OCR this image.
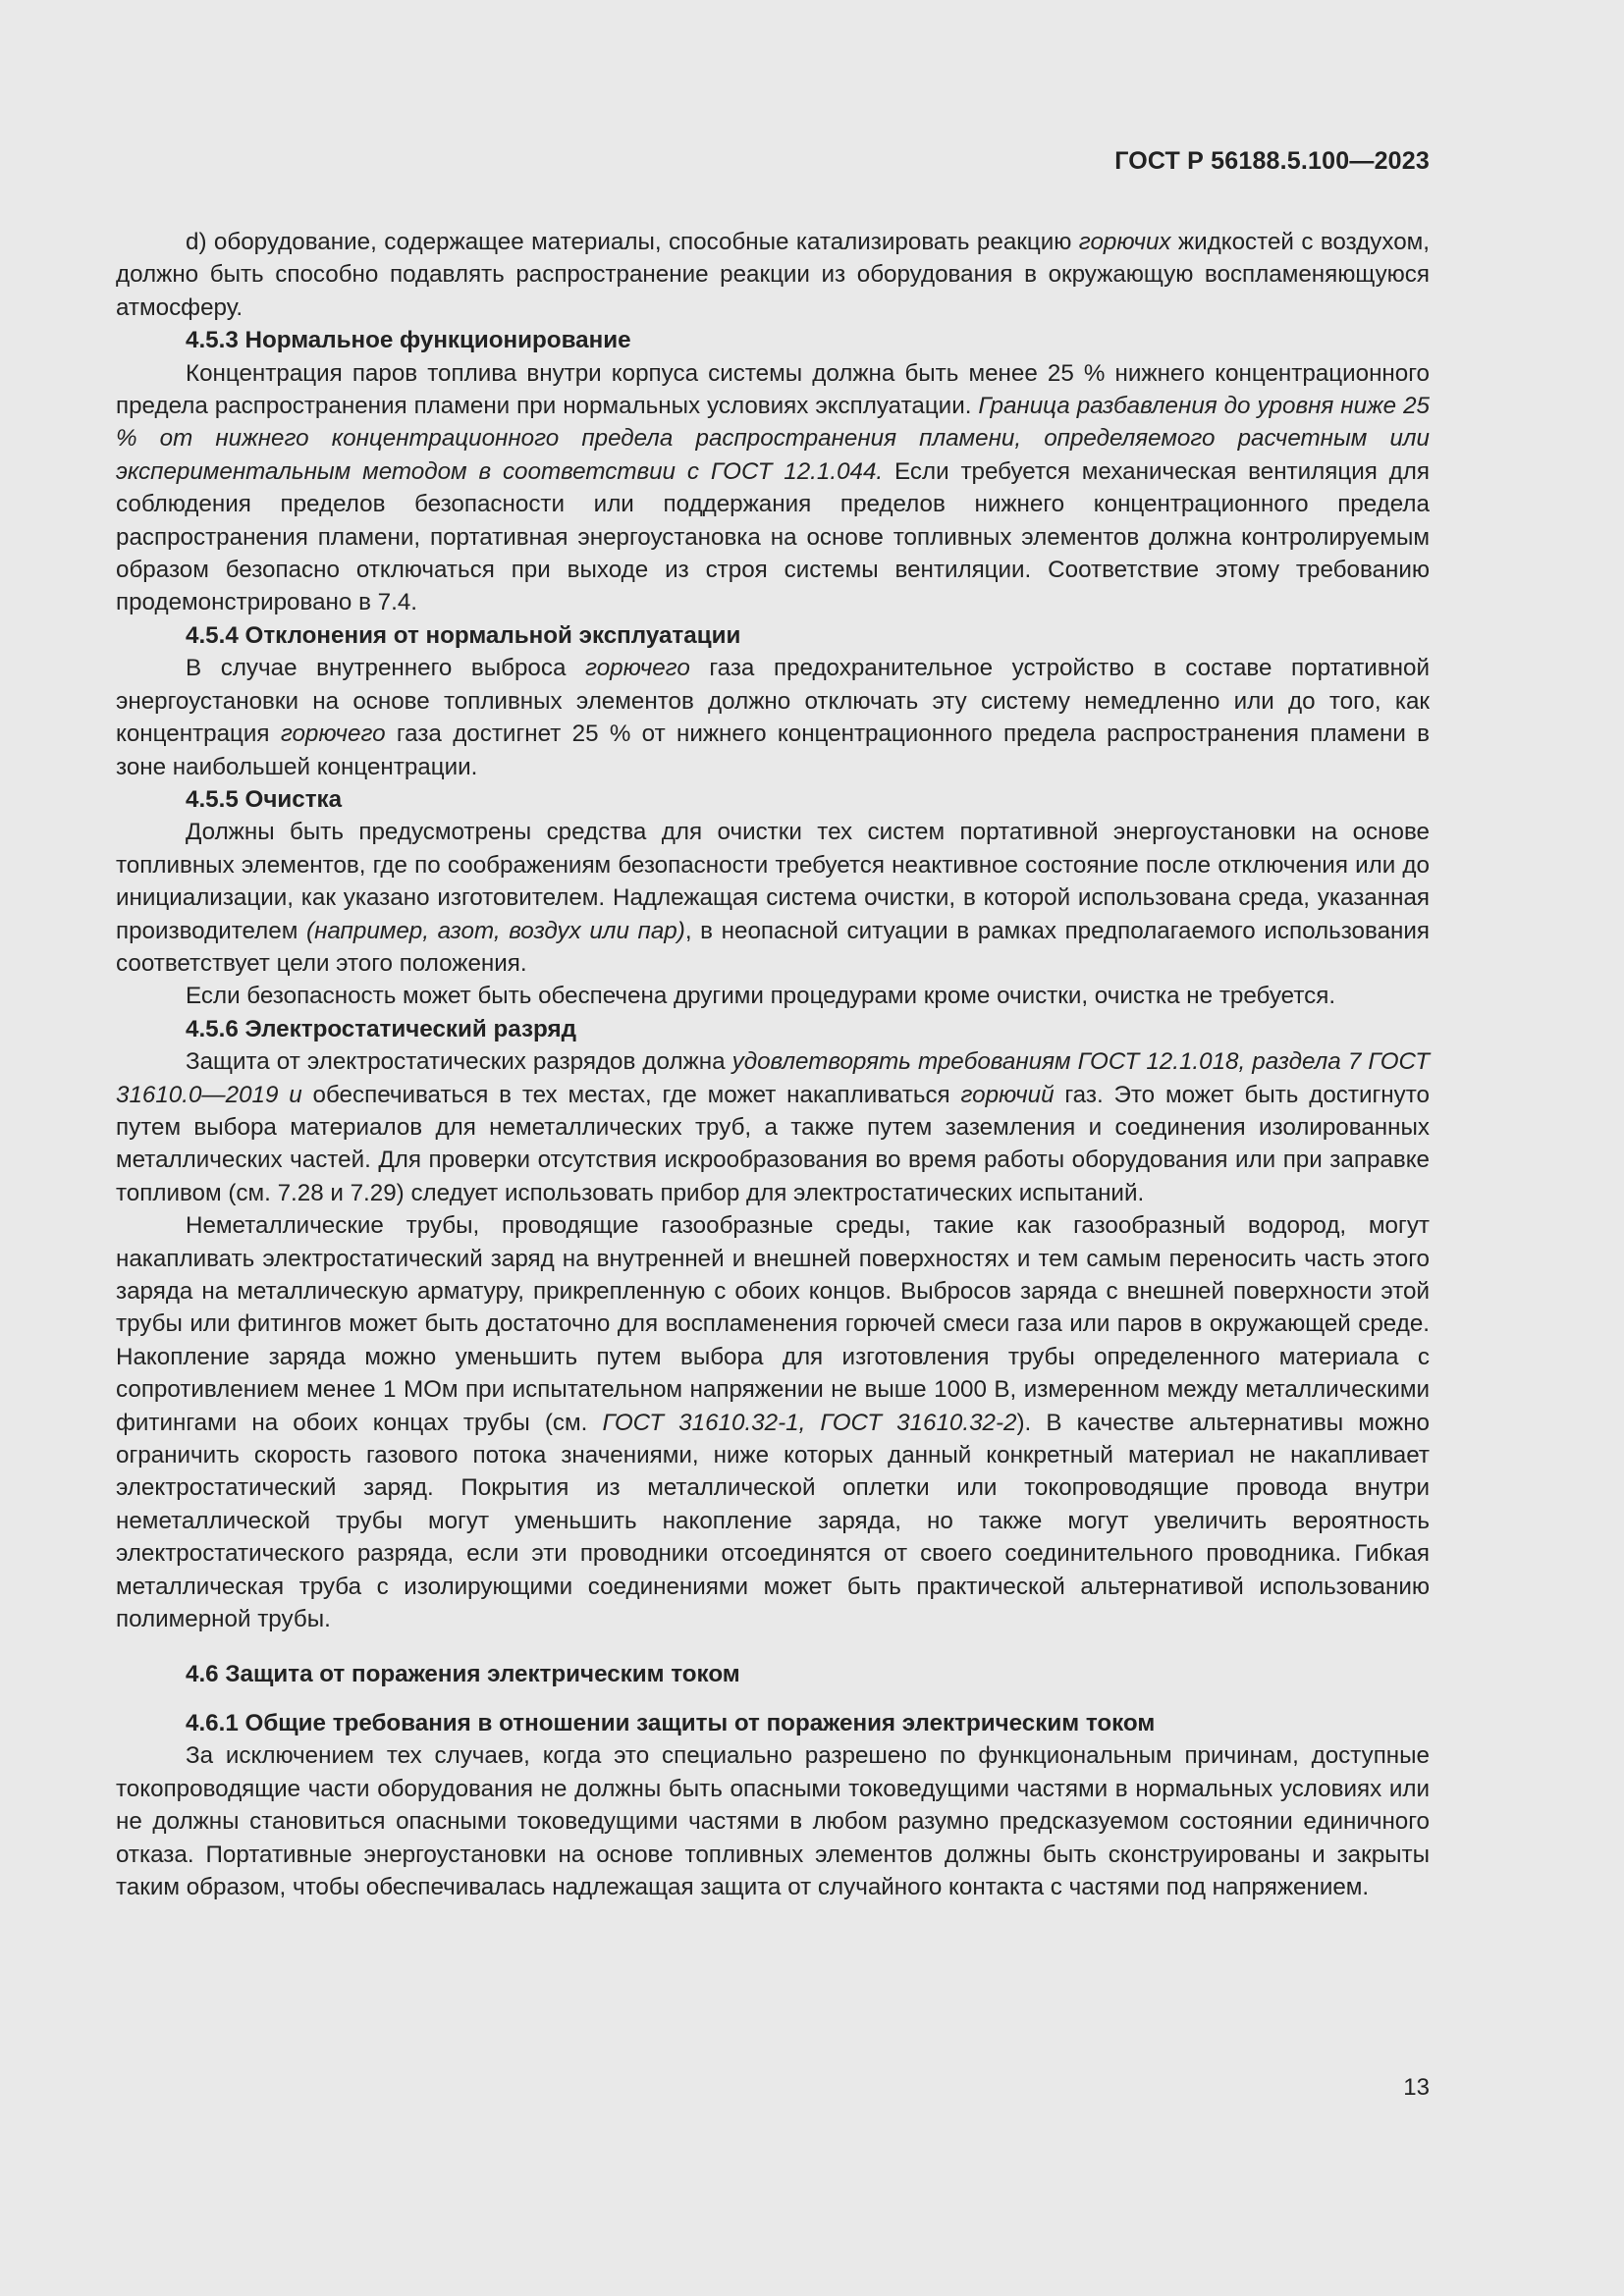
ГОСТ Р 56188.5.100—2023

d) оборудование, содержащее материалы, способные катализировать реакцию горючих жидкостей с воздухом, должно быть способно подавлять распространение реакции из оборудования в окружающую воспламеняющуюся атмосферу.

4.5.3 Нормальное функционирование

Концентрация паров топлива внутри корпуса системы должна быть менее 25 % нижнего концентрационного предела распространения пламени при нормальных условиях эксплуатации. Граница разбавления до уровня ниже 25 % от нижнего концентрационного предела распространения пламени, определяемого расчетным или экспериментальным методом в соответствии с ГОСТ 12.1.044. Если требуется механическая вентиляция для соблюдения пределов безопасности или поддержания пределов нижнего концентрационного предела распространения пламени, портативная энергоустановка на основе топливных элементов должна контролируемым образом безопасно отключаться при выходе из строя системы вентиляции. Соответствие этому требованию продемонстрировано в 7.4.

4.5.4 Отклонения от нормальной эксплуатации

В случае внутреннего выброса горючего газа предохранительное устройство в составе портативной энергоустановки на основе топливных элементов должно отключать эту систему немедленно или до того, как концентрация горючего газа достигнет 25 % от нижнего концентрационного предела распространения пламени в зоне наибольшей концентрации.

4.5.5 Очистка

Должны быть предусмотрены средства для очистки тех систем портативной энергоустановки на основе топливных элементов, где по соображениям безопасности требуется неактивное состояние после отключения или до инициализации, как указано изготовителем. Надлежащая система очистки, в которой использована среда, указанная производителем (например, азот, воздух или пар), в неопасной ситуации в рамках предполагаемого использования соответствует цели этого положения.

Если безопасность может быть обеспечена другими процедурами кроме очистки, очистка не требуется.

4.5.6 Электростатический разряд

Защита от электростатических разрядов должна удовлетворять требованиям ГОСТ 12.1.018, раздела 7 ГОСТ 31610.0—2019 и обеспечиваться в тех местах, где может накапливаться горючий газ. Это может быть достигнуто путем выбора материалов для неметаллических труб, а также путем заземления и соединения изолированных металлических частей. Для проверки отсутствия искрообразования во время работы оборудования или при заправке топливом (см. 7.28 и 7.29) следует использовать прибор для электростатических испытаний.

Неметаллические трубы, проводящие газообразные среды, такие как газообразный водород, могут накапливать электростатический заряд на внутренней и внешней поверхностях и тем самым переносить часть этого заряда на металлическую арматуру, прикрепленную с обоих концов. Выбросов заряда с внешней поверхности этой трубы или фитингов может быть достаточно для воспламенения горючей смеси газа или паров в окружающей среде. Накопление заряда можно уменьшить путем выбора для изготовления трубы определенного материала с сопротивлением менее 1 МОм при испытательном напряжении не выше 1000 В, измеренном между металлическими фитингами на обоих концах трубы (см. ГОСТ 31610.32-1, ГОСТ 31610.32-2). В качестве альтернативы можно ограничить скорость газового потока значениями, ниже которых данный конкретный материал не накапливает электростатический заряд. Покрытия из металлической оплетки или токопроводящие провода внутри неметаллической трубы могут уменьшить накопление заряда, но также могут увеличить вероятность электростатического разряда, если эти проводники отсоединятся от своего соединительного проводника. Гибкая металлическая труба с изолирующими соединениями может быть практической альтернативой использованию полимерной трубы.

4.6 Защита от поражения электрическим током

4.6.1 Общие требования в отношении защиты от поражения электрическим током

За исключением тех случаев, когда это специально разрешено по функциональным причинам, доступные токопроводящие части оборудования не должны быть опасными токоведущими частями в нормальных условиях или не должны становиться опасными токоведущими частями в любом разумно предсказуемом состоянии единичного отказа. Портативные энергоустановки на основе топливных элементов должны быть сконструированы и закрыты таким образом, чтобы обеспечивалась надлежащая защита от случайного контакта с частями под напряжением.

13
